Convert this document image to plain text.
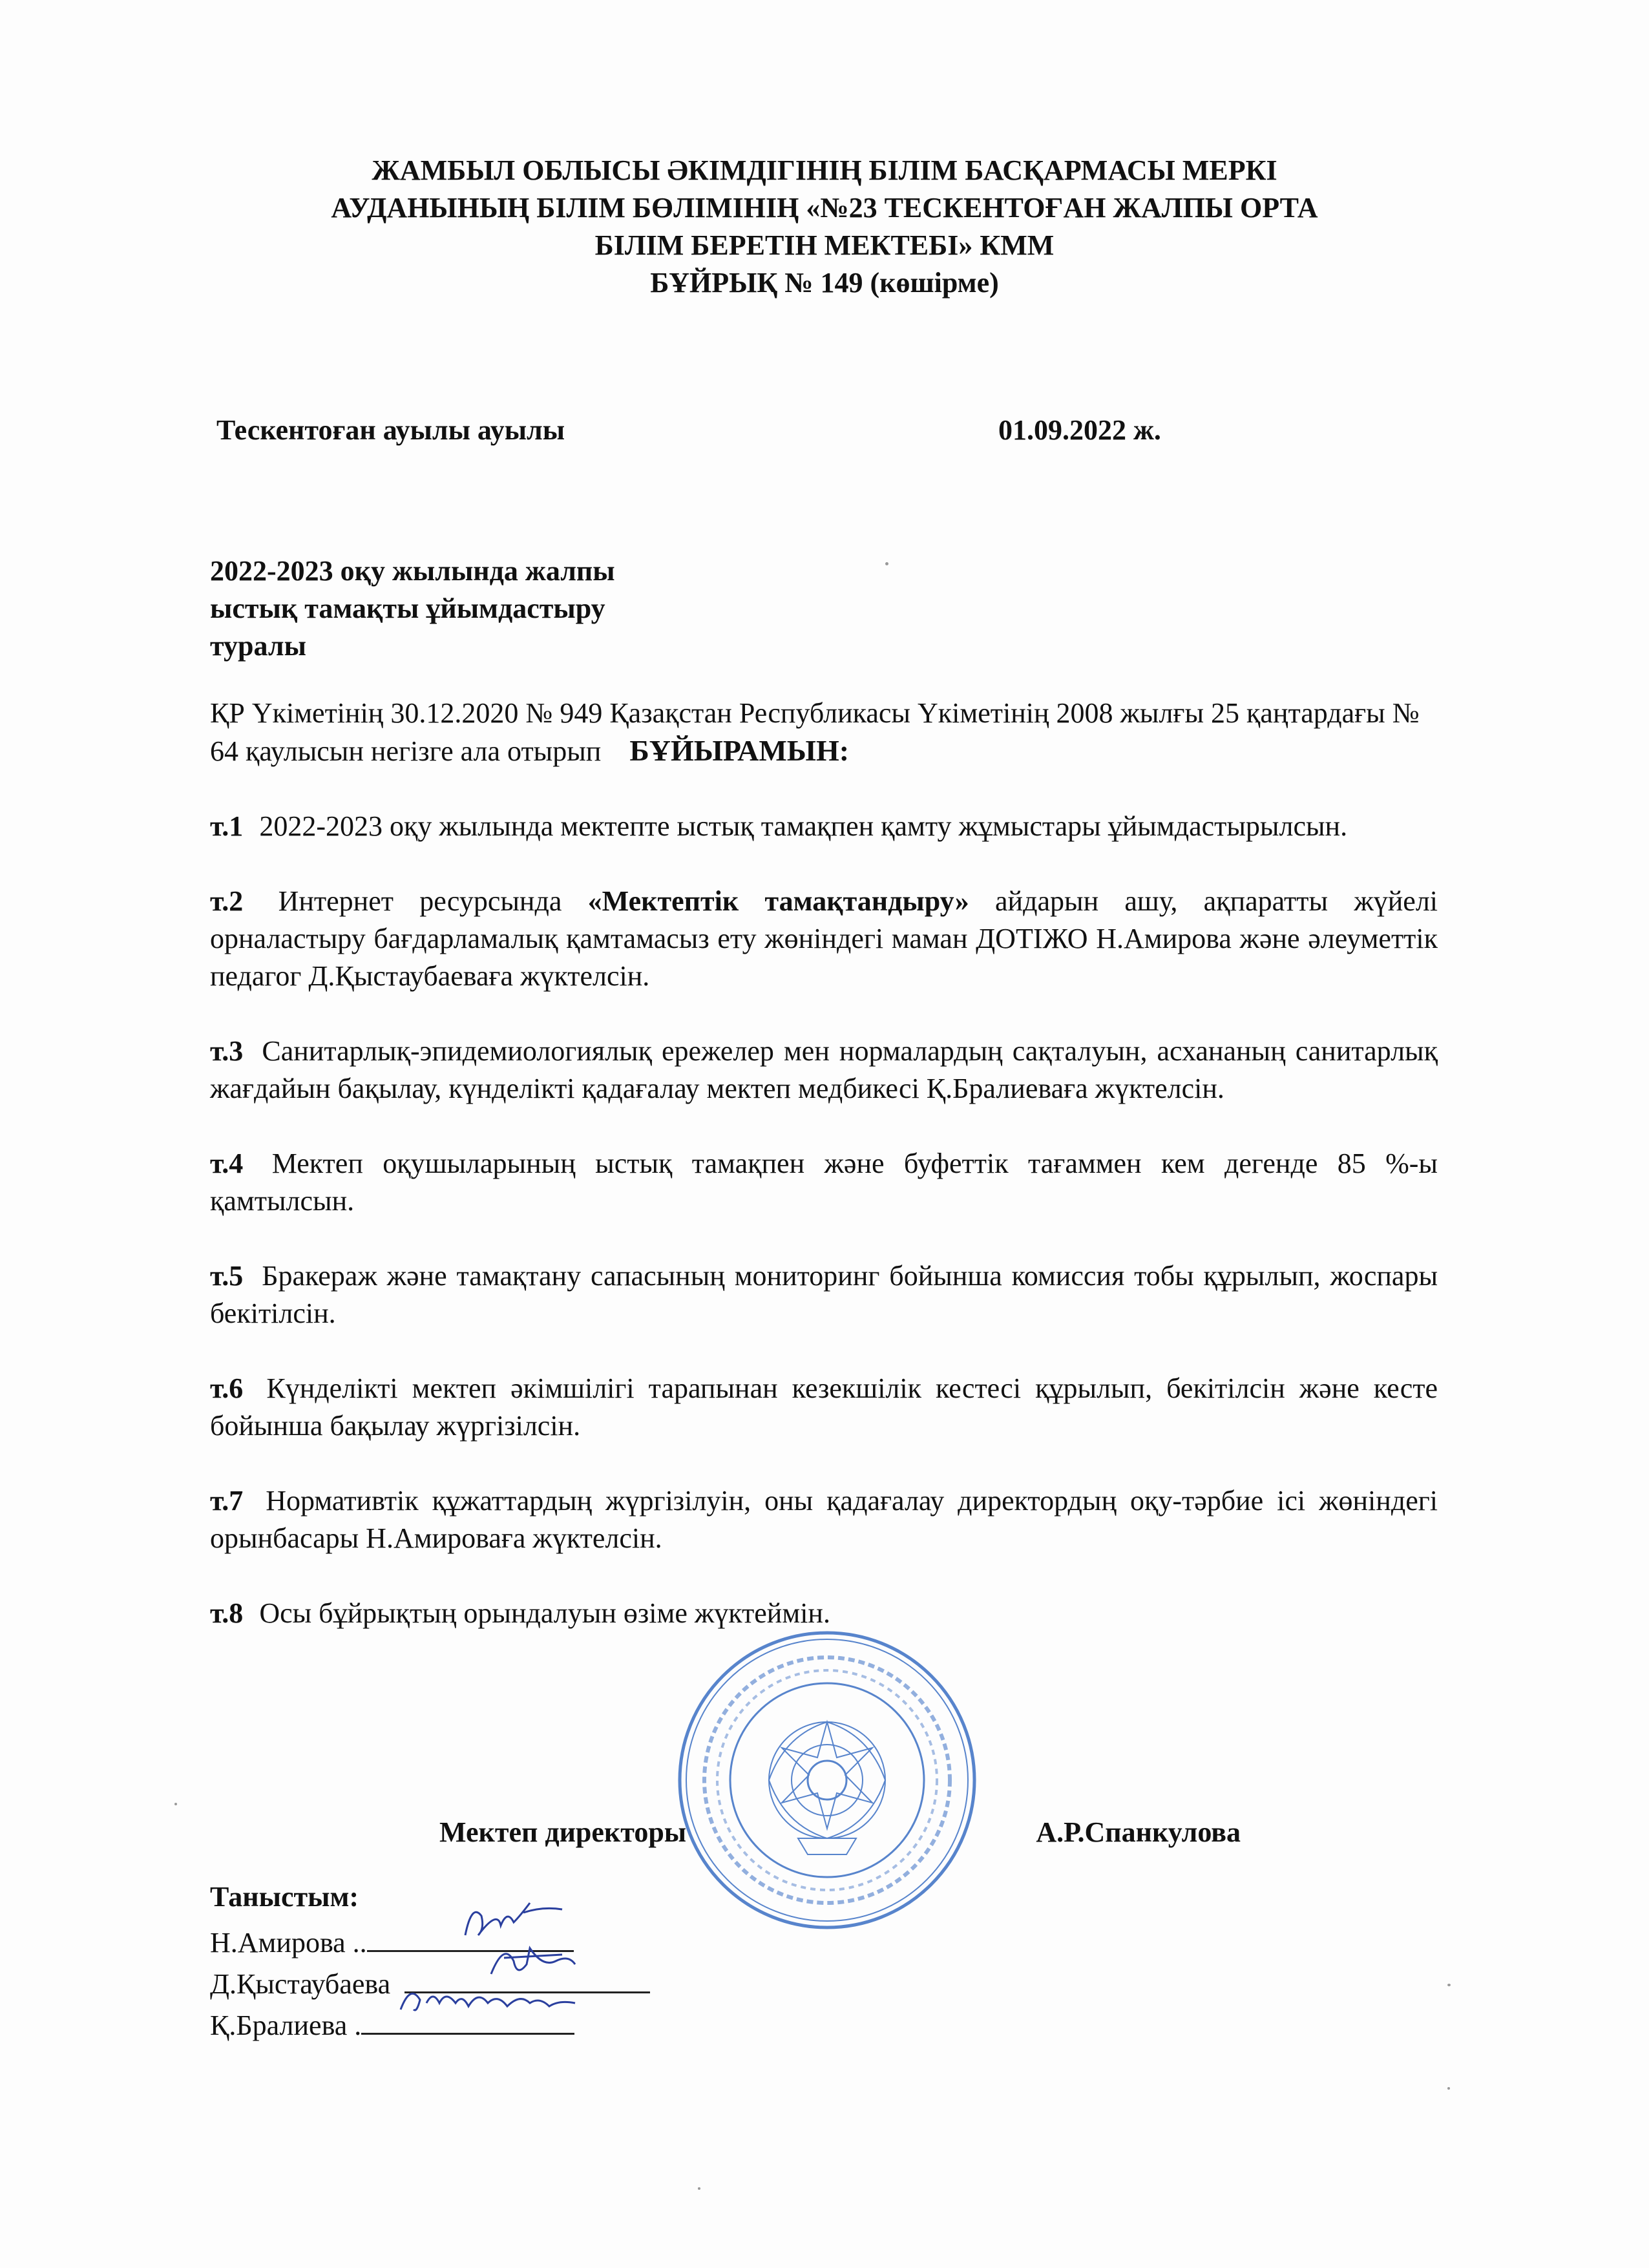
ЖАМБЫЛ ОБЛЫСЫ ӘКІМДІГІНІҢ БІЛІМ БАСҚАРМАСЫ МЕРКІ
АУДАНЫНЫҢ БІЛІМ БӨЛІМІНІҢ «№23 ТЕСКЕНТОҒАН ЖАЛПЫ ОРТА
БІЛІМ БЕРЕТІН МЕКТЕБІ» КММ
БҰЙРЫҚ № 149 (көшірме)
Тескентоған ауылы ауылы	01.09.2022 ж.
2022-2023 оқу жылында жалпы
ыстық тамақты ұйымдастыру
туралы
ҚР Үкіметінің 30.12.2020 № 949 Қазақстан Республикасы Үкіметінің 2008 жылғы 25 қаңтардағы № 64 қаулысын негізге ала отырып БҰЙЫРАМЫН:
т.1 2022-2023 оқу жылында мектепте ыстық тамақпен қамту жұмыстары ұйымдастырылсын.
т.2 Интернет ресурсында «Мектептік тамақтандыру» айдарын ашу, ақпаратты жүйелі орналастыру бағдарламалық қамтамасыз ету жөніндегі маман ДОТІЖО Н.Амирова және әлеуметтік педагог Д.Қыстаубаеваға жүктелсін.
т.3 Санитарлық-эпидемиологиялық ережелер мен нормалардың сақталуын, асхананың санитарлық жағдайын бақылау, күнделікті қадағалау мектеп медбикесі Қ.Бралиеваға жүктелсін.
т.4 Мектеп оқушыларының ыстық тамақпен және буфеттік тағаммен кем дегенде 85 %-ы қамтылсын.
т.5 Бракераж және тамақтану сапасының мониторинг бойынша комиссия тобы құрылып, жоспары бекітілсін.
т.6 Күнделікті мектеп әкімшілігі тарапынан кезекшілік кестесі құрылып, бекітілсін және кесте бойынша бақылау жүргізілсін.
т.7 Нормативтік құжаттардың жүргізілуін, оны қадағалау директордың оқу-тәрбие ісі жөніндегі орынбасары Н.Амироваға жүктелсін.
т.8 Осы бұйрықтың орындалуын өзіме жүктеймін.
Мектеп директоры	А.Р.Спанкулова
Таныстым:
Н.Амирова ..
Д.Қыстаубаева
Қ.Бралиева .
